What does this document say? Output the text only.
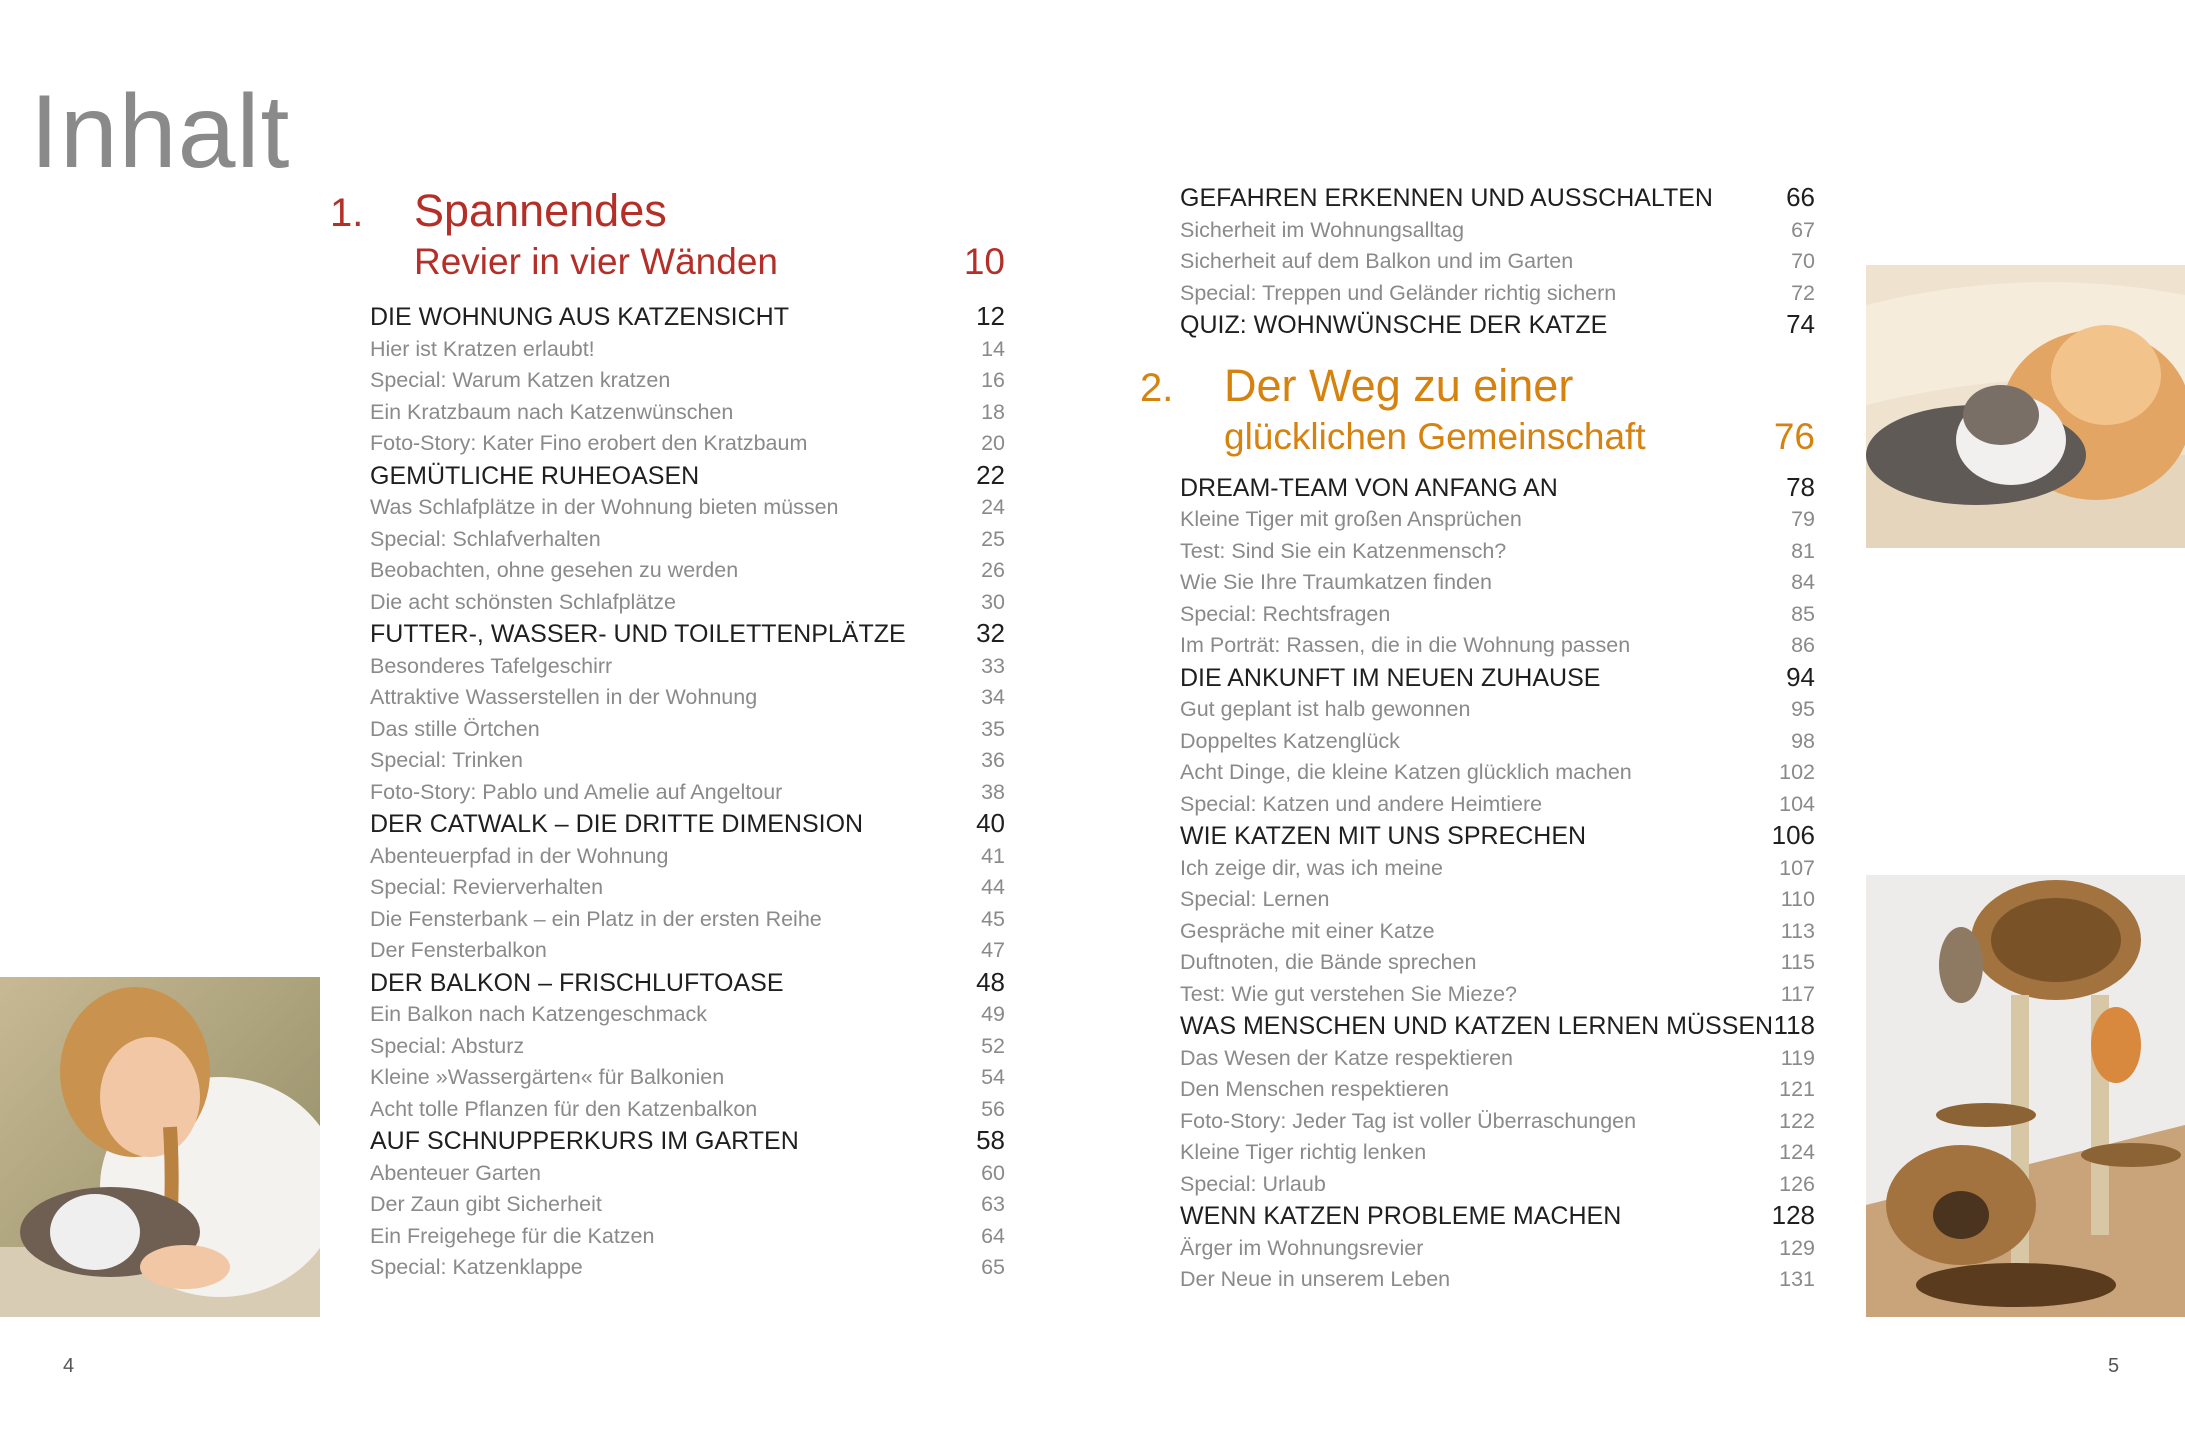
Inhalt
1.	Spannendes
Revier in vier Wänden	10
DIE WOHNUNG AUS KATZENSICHT	12
Hier ist Kratzen erlaubt!	14
Special: Warum Katzen kratzen	16
Ein Kratzbaum nach Katzenwünschen	18
Foto-Story: Kater Fino erobert den Kratzbaum	20
GEMÜTLICHE RUHEOASEN	22
Was Schlafplätze in der Wohnung bieten müssen	24
Special: Schlafverhalten	25
Beobachten, ohne gesehen zu werden	26
Die acht schönsten Schlafplätze	30
FUTTER-, WASSER- UND TOILETTENPLÄTZE	32
Besonderes Tafelgeschirr	33
Attraktive Wasserstellen in der Wohnung	34
Das stille Örtchen	35
Special: Trinken	36
Foto-Story: Pablo und Amelie auf Angeltour	38
DER CATWALK – DIE DRITTE DIMENSION	40
Abenteuerpfad in der Wohnung	41
Special: Revierverhalten	44
Die Fensterbank – ein Platz in der ersten Reihe	45
Der Fensterbalkon	47
DER BALKON – FRISCHLUFTOASE	48
Ein Balkon nach Katzengeschmack	49
Special: Absturz	52
Kleine »Wassergärten« für Balkonien	54
Acht tolle Pflanzen für den Katzenbalkon	56
AUF SCHNUPPERKURS IM GARTEN	58
Abenteuer Garten	60
Der Zaun gibt Sicherheit	63
Ein Freigehege für die Katzen	64
Special: Katzenklappe	65
GEFAHREN ERKENNEN UND AUSSCHALTEN	66
Sicherheit im Wohnungsalltag	67
Sicherheit auf dem Balkon und im Garten	70
Special: Treppen und Geländer richtig sichern	72
QUIZ: WOHNWÜNSCHE DER KATZE	74
2.	Der Weg zu einer
glücklichen Gemeinschaft	76
DREAM-TEAM VON ANFANG AN	78
Kleine Tiger mit großen Ansprüchen	79
Test: Sind Sie ein Katzenmensch?	81
Wie Sie Ihre Traumkatzen finden	84
Special: Rechtsfragen	85
Im Porträt: Rassen, die in die Wohnung passen	86
DIE ANKUNFT IM NEUEN ZUHAUSE	94
Gut geplant ist halb gewonnen	95
Doppeltes Katzenglück	98
Acht Dinge, die kleine Katzen glücklich machen	102
Special: Katzen und andere Heimtiere	104
WIE KATZEN MIT UNS SPRECHEN	106
Ich zeige dir, was ich meine	107
Special: Lernen	110
Gespräche mit einer Katze	113
Duftnoten, die Bände sprechen	115
Test: Wie gut verstehen Sie Mieze?	117
WAS MENSCHEN UND KATZEN LERNEN MÜSSEN 118
Das Wesen der Katze respektieren	119
Den Menschen respektieren	121
Foto-Story: Jeder Tag ist voller Überraschungen	122
Kleine Tiger richtig lenken	124
Special: Urlaub	126
WENN KATZEN PROBLEME MACHEN	128
Ärger im Wohnungsrevier	129
Der Neue in unserem Leben	131
4	5
